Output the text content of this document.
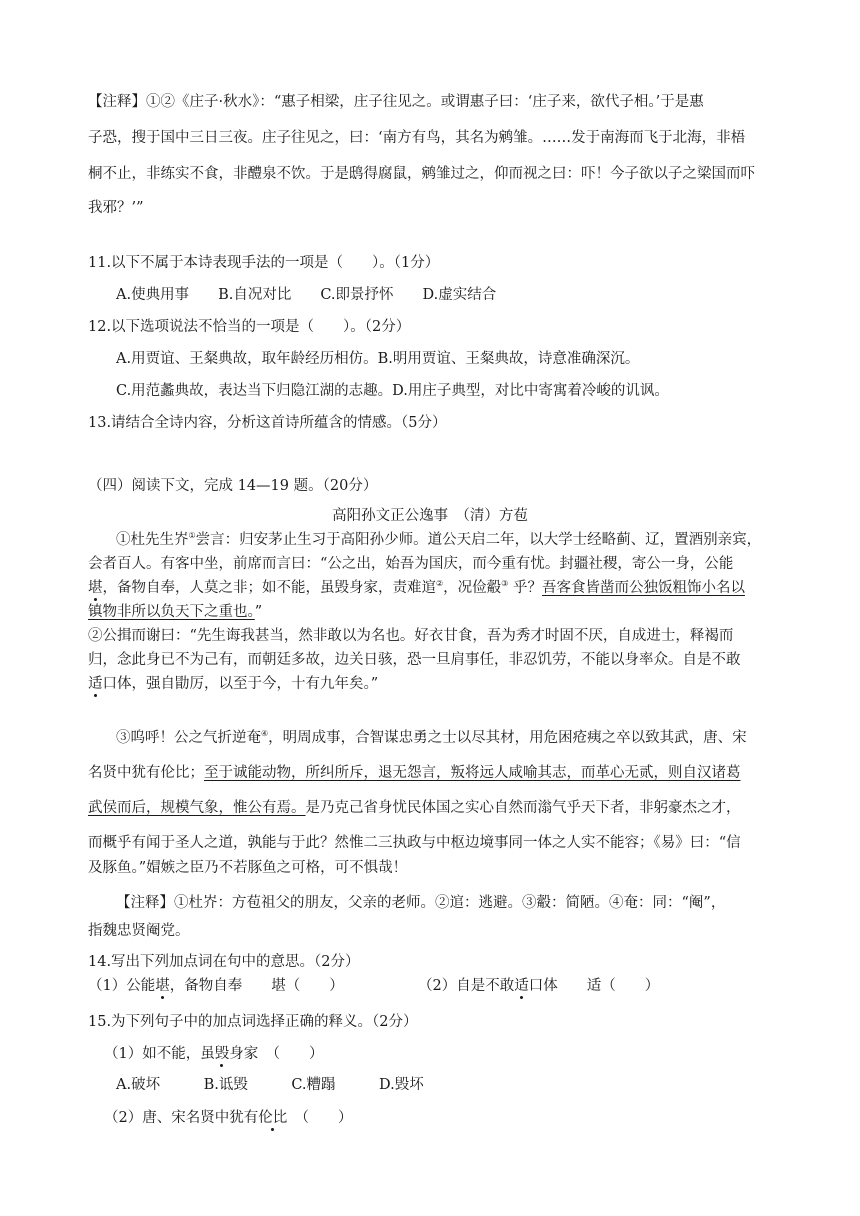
【注释】①②《庄子·秋水》：“惠子相梁，庄子往见之。或谓惠子曰：‘庄子来，欲代子相。’于是惠
子恐，搜于国中三日三夜。庄子往见之，曰：‘南方有鸟，其名为鹓雏。……发于南海而飞于北海，非梧
桐不止，非练实不食，非醴泉不饮。于是鸱得腐鼠，鹓雏过之，仰而视之曰：吓！今子欲以子之梁国而吓
我邪？’”
11.以下不属于本诗表现手法的一项是（　　）。（1分）
A.使典用事　　B.自况对比　　C.即景抒怀　　D.虚实结合
12.以下选项说法不恰当的一项是（　　）。（2分）
A.用贾谊、王粲典故，取年龄经历相仿。B.明用贾谊、王粲典故，诗意准确深沉。
C.用范蠡典故，表达当下归隐江湖的志趣。D.用庄子典型，对比中寄寓着冷峻的讥讽。
13.请结合全诗内容，分析这首诗所蕴含的情感。（5分）
（四）阅读下文，完成 14—19 题。（20分）
高阳孙文正公逸事　（清）方苞
①杜先生岕①尝言：归安茅止生习于高阳孙少师。道公天启二年，以大学士经略蓟、辽，置酒别亲宾，
会者百人。有客中坐，前席而言曰：“公之出，始吾为国庆，而今重有忧。封疆社稷，寄公一身，公能
堪，备物自奉，人莫之非；如不能，虽毁身家，责难逭②，况俭觳③ 乎？吾客食皆凿而公独饭粗饰小名以
镇物非所以负天下之重也。”
②公揖而谢曰：“先生诲我甚当，然非敢以为名也。好衣甘食，吾为秀才时固不厌，自成进士，释褐而
归，念此身已不为己有，而朝廷多故，边关日骇，恐一旦肩事任，非忍饥劳，不能以身率众。自是不敢
适口体，强自勖厉，以至于今，十有九年矣。”
③呜呼！公之气折逆奄④，明周成事，合智谋忠勇之士以尽其材，用危困疮痍之卒以致其武，唐、宋
名贤中犹有伦比；至于诚能动物，所纠所斥，退无怨言，叛将远人咸喻其志，而革心无贰，则自汉诸葛
武侯而后，规模气象，惟公有焉。是乃克己省身忧民体国之实心自然而滃气乎天下者，非躬豪杰之才，
而概乎有闻于圣人之道，孰能与于此？然惟二三执政与中枢边境事同一体之人实不能容；《易》曰：“信
及豚鱼。”媢嫉之臣乃不若豚鱼之可格，可不惧哉！
【注释】①杜岕：方苞祖父的朋友，父亲的老师。②逭：逃避。③觳：简陋。④奄：同：“阉”，
指魏忠贤阉党。
14.写出下列加点词在句中的意思。（2分）
（1）公能堪，备物自奉　　堪（　　）	（2）自是不敢适口体　　适（　　）
15.为下列句子中的加点词选择正确的释义。（2分）
（1）如不能，虽毁身家　（　　）
A.破坏　　　B.诋毁　　　C.糟蹋　　　D.毁坏
（2）唐、宋名贤中犹有伦比　（　　）
